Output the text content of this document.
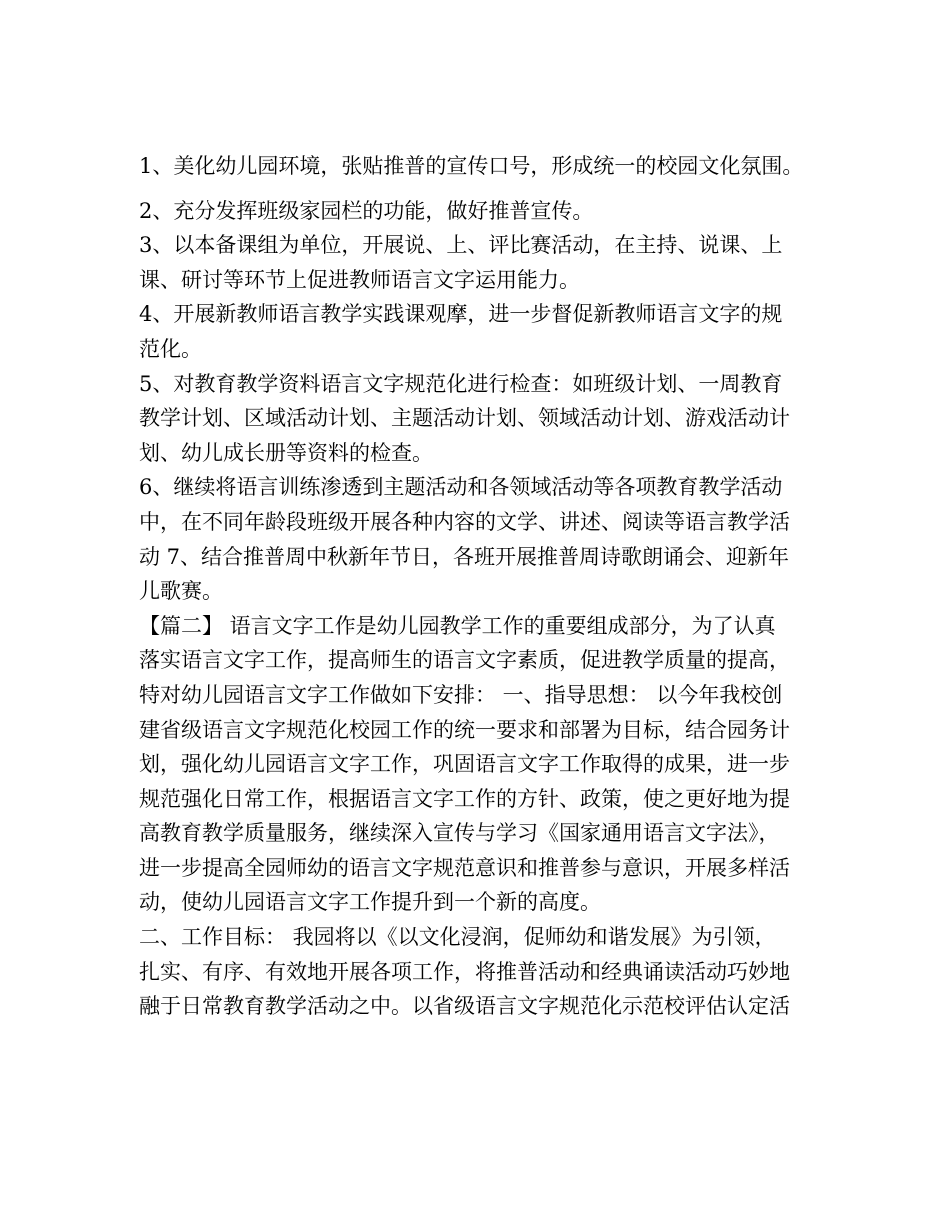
1、美化幼儿园环境，张贴推普的宣传口号，形成统一的校园文化氛围。
2、充分发挥班级家园栏的功能，做好推普宣传。
3、以本备课组为单位，开展说、上、评比赛活动，在主持、说课、上
课、研讨等环节上促进教师语言文字运用能力。
4、开展新教师语言教学实践课观摩，进一步督促新教师语言文字的规
范化。
5、对教育教学资料语言文字规范化进行检查：如班级计划、一周教育
教学计划、区域活动计划、主题活动计划、领域活动计划、游戏活动计
划、幼儿成长册等资料的检查。
6、继续将语言训练渗透到主题活动和各领域活动等各项教育教学活动
中，在不同年龄段班级开展各种内容的文学、讲述、阅读等语言教学活
动 7、结合推普周中秋新年节日，各班开展推普周诗歌朗诵会、迎新年
儿歌赛。
【篇二】 语言文字工作是幼儿园教学工作的重要组成部分，为了认真
落实语言文字工作，提高师生的语言文字素质，促进教学质量的提高，
特对幼儿园语言文字工作做如下安排： 一、指导思想： 以今年我校创
建省级语言文字规范化校园工作的统一要求和部署为目标，结合园务计
划，强化幼儿园语言文字工作，巩固语言文字工作取得的成果，进一步
规范强化日常工作，根据语言文字工作的方针、政策，使之更好地为提
高教育教学质量服务，继续深入宣传与学习《国家通用语言文字法》，
进一步提高全园师幼的语言文字规范意识和推普参与意识，开展多样活
动，使幼儿园语言文字工作提升到一个新的高度。
二、工作目标： 我园将以《以文化浸润，促师幼和谐发展》为引领，
扎实、有序、有效地开展各项工作，将推普活动和经典诵读活动巧妙地
融于日常教育教学活动之中。以省级语言文字规范化示范校评估认定活
